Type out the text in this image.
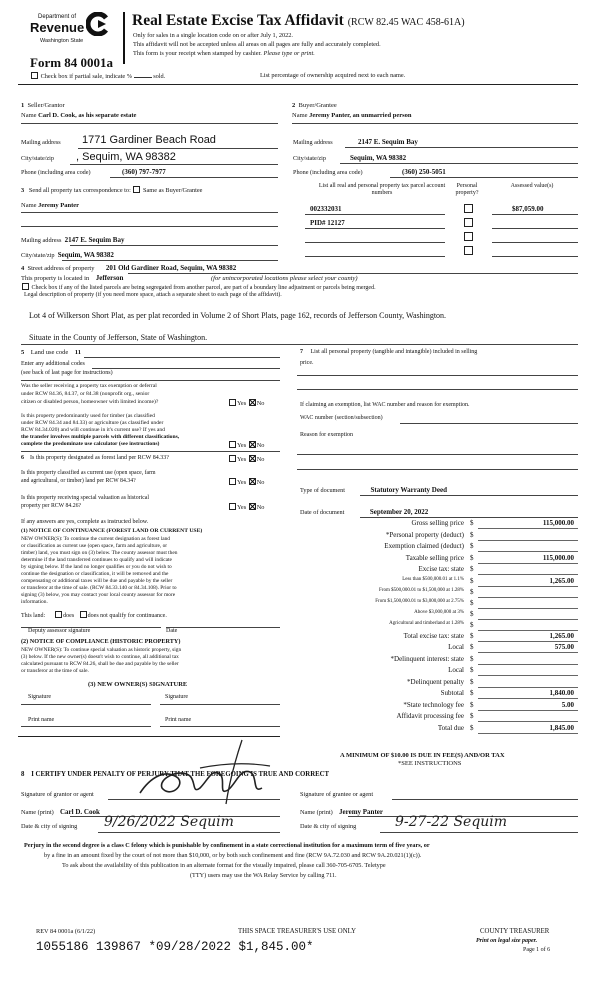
Department of
Revenue
Washington State
Form 84 0001a
Real Estate Excise Tax Affidavit (RCW 82.45 WAC 458-61A)
Only for sales in a single location code on or after July 1, 2022.
This affidavit will not be accepted unless all areas on all pages are fully and accurately completed.
This form is your receipt when stamped by cashier. Please type or print.
Check box if partial sale, indicate %	sold.	List percentage of ownership acquired next to each name.
1 Seller/Grantor
Name Carl D. Cook, as his separate estate
2 Buyer/Grantee
Name Jeremy Panter, an unmarried person
Mailing address 1771 Gardiner Beach Road
City/state/zip , Sequim, WA 98382
Phone (including area code)	(360) 797-7977
Mailing address	2147 E. Sequim Bay
City/state/zip	Sequim, WA 98382
Phone (including area code)	(360) 250-5051
3 Send all property tax correspondence to: Same as Buyer/Grantee
Name Jeremy Panter
Mailing address 2147 E. Sequim Bay
City/state/zip Sequim, WA 98382
List all real and personal property tax parcel account numbers
Personal property?
Assessed value(s)
002332031	$87,059.00
PID# 12127
4 Street address of property 201 Old Gardiner Road, Sequim, WA 98382
This property is located in Jefferson	(for unincorporated locations please select your county)
Check box if any of the listed parcels are being segregated from another parcel, are part of a boundary line adjustment or parcels being merged.
Legal description of property (if you need more space, attach a separate sheet to each page of the affidavit).
Lot 4 of Wilkerson Short Plat, as per plat recorded in Volume 2 of Short Plats, page 162, records of Jefferson County, Washington.
Situate in the County of Jefferson, State of Washington.
5 Land use code 11
Enter any additional codes
(see back of last page for instructions)
Was the seller receiving a property tax exemption or deferral
under RCW 84.36, 84.37, or 84.38 (nonprofit org., senior
citizen or disabled person, homeowner with limited income)?	Yes No
Is this property predominantly used for timber (as classified
under RCW 84.34 and 84.33) or agriculture (as classified under
RCW 84.34.020) and will continue in it's current use? If yes and
the transfer involves multiple parcels with different classifications,
complete the predominate use calculator (see instructions)	Yes No
6 Is this property designated as forest land per RCW 84.33?	Yes No
Is this property classified as current use (open space, farm
and agricultural, or timber) land per RCW 84.34?	Yes No
Is this property receiving special valuation as historical
property per RCW 84.26?	Yes No
If any answers are yes, complete as instructed below.
(1) NOTICE OF CONTINUANCE (FOREST LAND OR CURRENT USE)
NEW OWNER(S): To continue the current designation as forest land
or classification as current use (open space, farm and agriculture, or
timber) land, you must sign on (3) below. The county assessor must then
determine if the land transferred continues to qualify and will indicate
by signing below. If the land no longer qualifies or you do not wish to
continue the designation or classification, it will be removed and the
compensating or additional taxes will be due and payable by the seller
or transferor at the time of sale. (RCW 84.33.140 or 84.34.108). Prior to
signing (3) below, you may contact your local county assessor for more
information.
This land:	does does not qualify for continuance.
Deputy assessor signature	Date
(2) NOTICE OF COMPLIANCE (HISTORIC PROPERTY)
NEW OWNER(S): To continue special valuation as historic property, sign
(3) below. If the new owner(s) doesn't wish to continue, all additional tax
calculated pursuant to RCW 84.26, shall be due and payable by the seller
or transferor at the time of sale.
(3) NEW OWNER(S) SIGNATURE
Signature	Signature
Print name	Print name
7 List all personal property (tangible and intangible) included in selling
price.
If claiming an exemption, list WAC number and reason for exemption.
WAC number (section/subsection)
Reason for exemption
Type of document	Statutory Warranty Deed
Date of document	September 20, 2022
Gross selling price $	115,000.00
*Personal property (deduct) $
Exemption claimed (deduct) $
Taxable selling price $	115,000.00
Excise tax: state $
Less than $500,000.01 at 1.1% $	1,265.00
From $500,000.01 to $1,500,000 at 1.28% $
From $1,500,000.01 to $3,000,000 at 2.75% $
Above $3,000,000 at 3% $
Agricultural and timberland at 1.28% $
Total excise tax: state $	1,265.00
Local $	575.00
*Delinquent interest: state $
Local $
*Delinquent penalty $
Subtotal $	1,840.00
*State technology fee $	5.00
Affidavit processing fee $
Total due $	1,845.00
A MINIMUM OF $10.00 IS DUE IN FEE(S) AND/OR TAX
*SEE INSTRUCTIONS
8 I CERTIFY UNDER PENALTY OF PERJURY THAT THE FOREGOING IS TRUE AND CORRECT
Signature of grantor or agent
Name (print) Carl D. Cook
Date & city of signing 9/26/2022 Sequim
Signature of grantee or agent
Name (print) Jeremy Panter
Date & city of signing	9-27-22 Sequim
Perjury in the second degree is a class C felony which is punishable by confinement in a state correctional institution for a maximum term of five years, or
by a fine in an amount fixed by the court of not more than $10,000, or by both such confinement and fine (RCW 9A.72.030 and RCW 9A.20.021(1)(c)).
To ask about the availability of this publication in an alternate format for the visually impaired, please call 360-705-6705. Teletype
(TTY) users may use the WA Relay Service by calling 711.
REV 84 0001a (6/1/22)	THIS SPACE TREASURER'S USE ONLY	COUNTY TREASURER
Print on legal size paper.
Page 1 of 6
1055186 139867 *09/28/2022 $1,845.00*
